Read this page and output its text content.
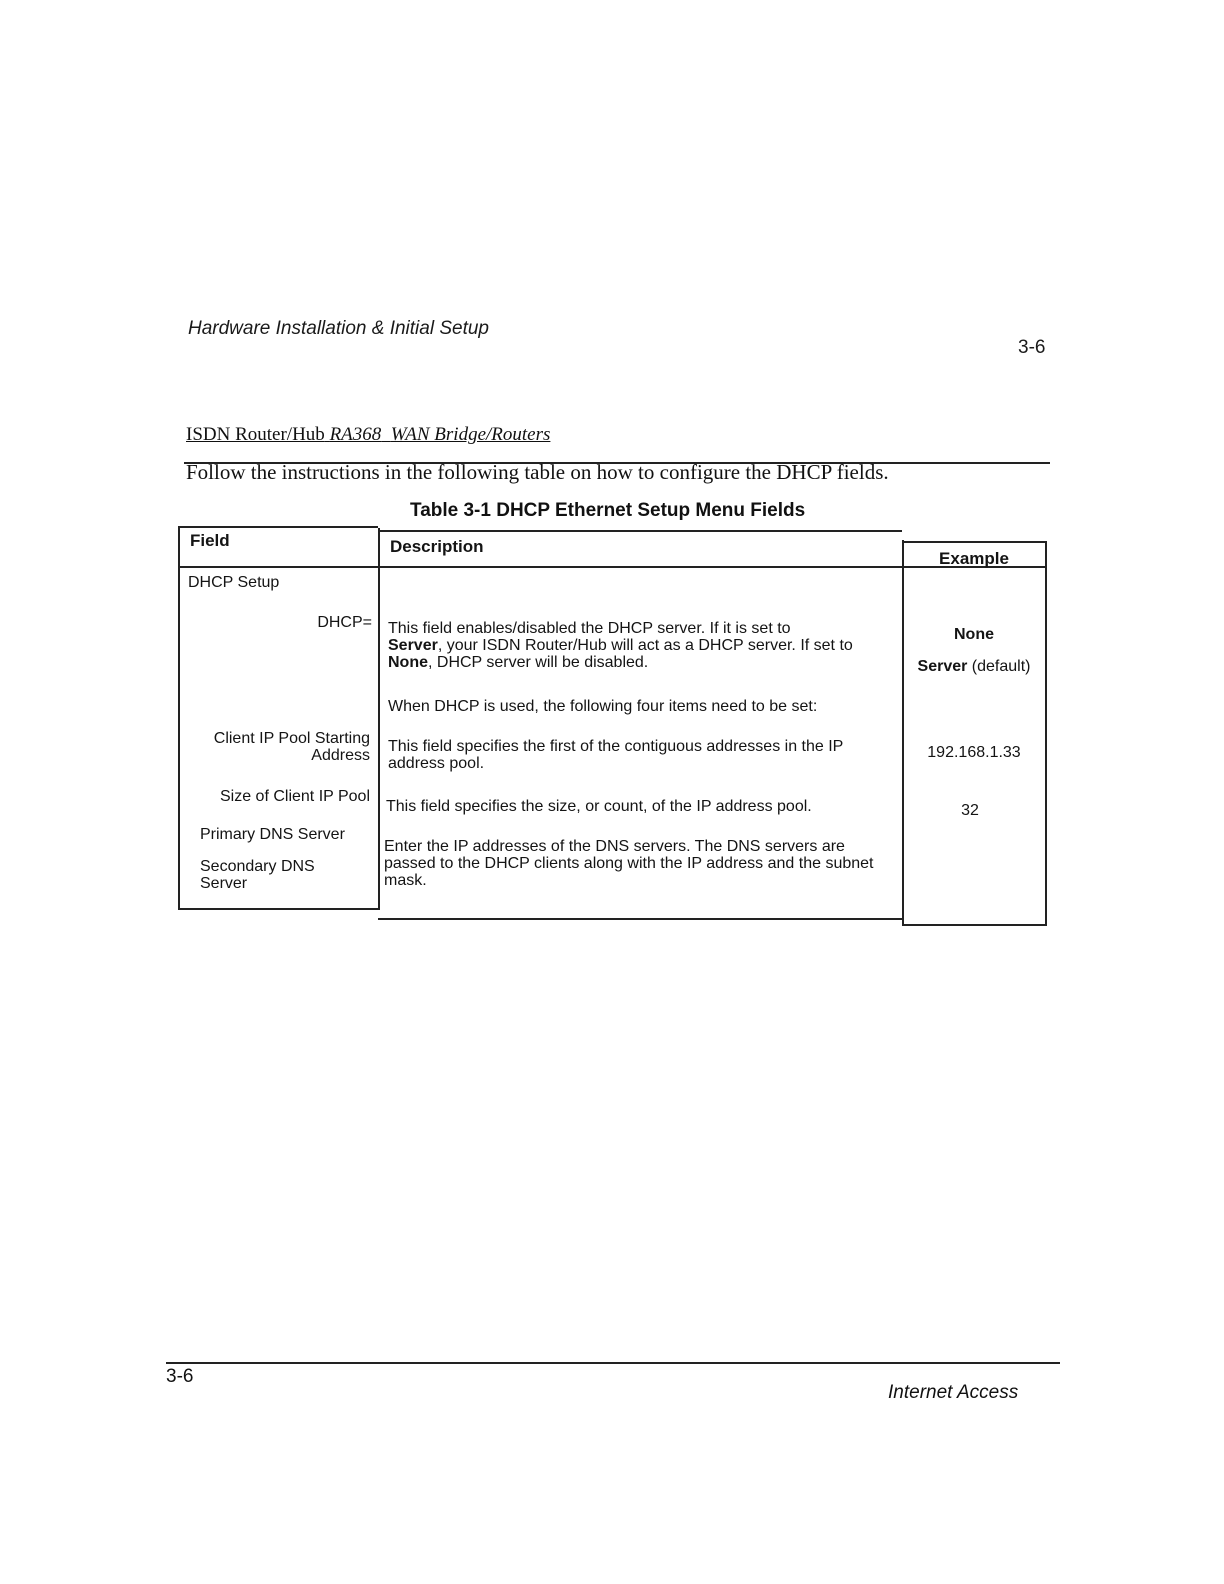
Hardware Installation & Initial Setup
3-6
ISDN Router/Hub RA368 WAN Bridge/Routers
Follow the instructions in the following table on how to configure the DHCP fields.
Table 3-1 DHCP Ethernet Setup Menu Fields
Field	Description
Example
DHCP Setup
DHCP= This field enables/disabled the DHCP server. If it is set to
Server, your ISDN Router/Hub will act as a DHCP server. If set to None, DHCP server will be disabled.
None
Server (default)
When DHCP is used, the following four items need to be set:
Client IP Pool Starting
Address
This field specifies the first of the contiguous addresses in the IP address pool.
192.168.1.33
Size of Client IP Pool
This field specifies the size, or count, of the IP address pool.	32
Primary DNS Server
Secondary DNS Server
Enter the IP addresses of the DNS servers. The DNS servers are passed to the DHCP clients along with the IP address and the subnet mask.
3-6
Internet Access
